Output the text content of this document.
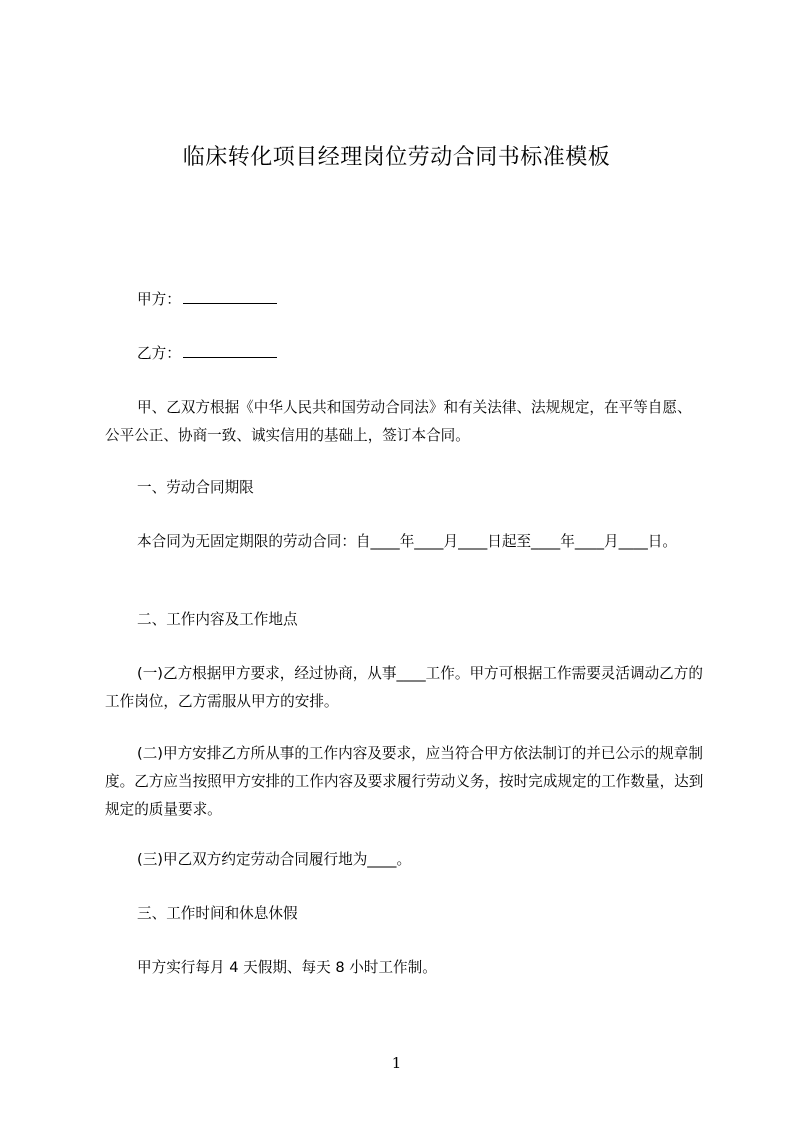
临床转化项目经理岗位劳动合同书标准模板

甲方：

乙方：

甲、乙双方根据《中华人民共和国劳动合同法》和有关法律、法规规定，在平等自愿、公平公正、协商一致、诚实信用的基础上，签订本合同。

一、劳动合同期限

本合同为无固定期限的劳动合同：自____年____月____日起至____年____月____日。

二、工作内容及工作地点

(一)乙方根据甲方要求，经过协商，从事____工作。甲方可根据工作需要灵活调动乙方的工作岗位，乙方需服从甲方的安排。

(二)甲方安排乙方所从事的工作内容及要求，应当符合甲方依法制订的并已公示的规章制度。乙方应当按照甲方安排的工作内容及要求履行劳动义务，按时完成规定的工作数量，达到规定的质量要求。

(三)甲乙双方约定劳动合同履行地为____。

三、工作时间和休息休假

甲方实行每月 4 天假期、每天 8 小时工作制。

1
